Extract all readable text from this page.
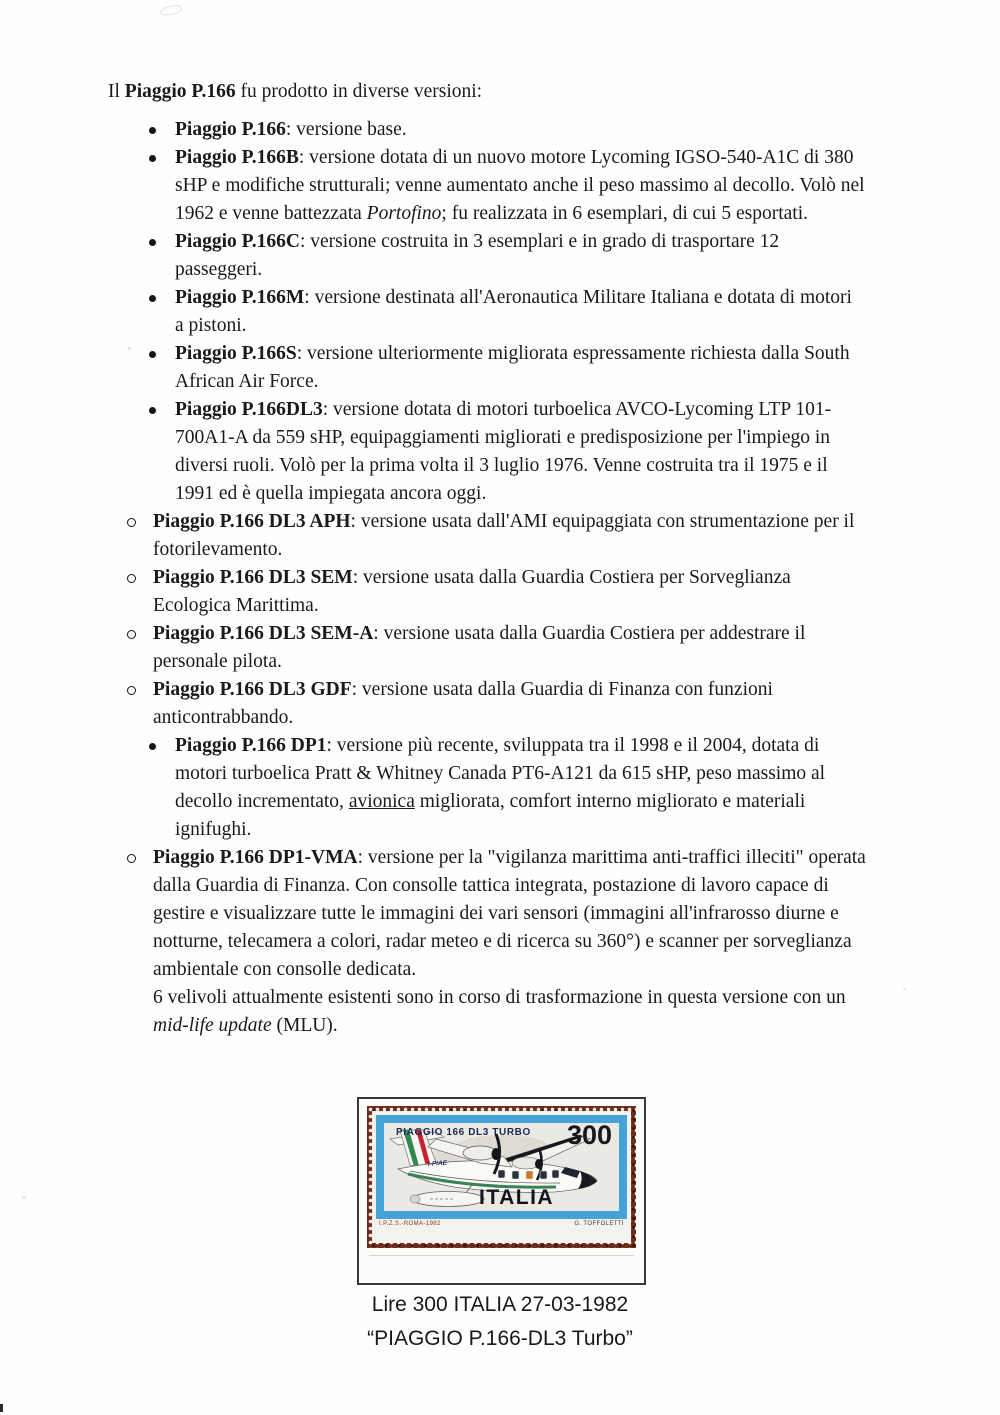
Il Piaggio P.166 fu prodotto in diverse versioni:
Piaggio P.166: versione base.
Piaggio P.166B: versione dotata di un nuovo motore Lycoming IGSO-540-A1C di 380 sHP e modifiche strutturali; venne aumentato anche il peso massimo al decollo. Volò nel 1962 e venne battezzata Portofino; fu realizzata in 6 esemplari, di cui 5 esportati.
Piaggio P.166C: versione costruita in 3 esemplari e in grado di trasportare 12 passeggeri.
Piaggio P.166M: versione destinata all'Aeronautica Militare Italiana e dotata di motori a pistoni.
Piaggio P.166S: versione ulteriormente migliorata espressamente richiesta dalla South African Air Force.
Piaggio P.166DL3: versione dotata di motori turboelica AVCO-Lycoming LTP 101-700A1-A da 559 sHP, equipaggiamenti migliorati e predisposizione per l'impiego in diversi ruoli. Volò per la prima volta il 3 luglio 1976. Venne costruita tra il 1975 e il 1991 ed è quella impiegata ancora oggi.
Piaggio P.166 DL3 APH: versione usata dall'AMI equipaggiata con strumentazione per il fotorilevamento.
Piaggio P.166 DL3 SEM: versione usata dalla Guardia Costiera per Sorveglianza Ecologica Marittima.
Piaggio P.166 DL3 SEM-A: versione usata dalla Guardia Costiera per addestrare il personale pilota.
Piaggio P.166 DL3 GDF: versione usata dalla Guardia di Finanza con funzioni anticontrabbando.
Piaggio P.166 DP1: versione più recente, sviluppata tra il 1998 e il 2004, dotata di motori turboelica Pratt & Whitney Canada PT6-A121 da 615 sHP, peso massimo al decollo incrementato, avionica migliorata, comfort interno migliorato e materiali ignifughi.
Piaggio P.166 DP1-VMA: versione per la "vigilanza marittima anti-traffici illeciti" operata dalla Guardia di Finanza. Con consolle tattica integrata, postazione di lavoro capace di gestire e visualizzare tutte le immagini dei vari sensori (immagini all'infrarosso diurne e notturne, telecamera a colori, radar meteo e di ricerca su 360°) e scanner per sorveglianza ambientale con consolle dedicata.

6 velivoli attualmente esistenti sono in corso di trasformazione in questa versione con un mid-life update (MLU).

I-PIAE
PIAGGIO 166 DL3 TURBO 300
ITALIA
I.P.Z.S.-ROMA-1982	G. TOFFOLETTI
Lire 300 ITALIA 27-03-1982
“PIAGGIO P.166-DL3 Turbo”
